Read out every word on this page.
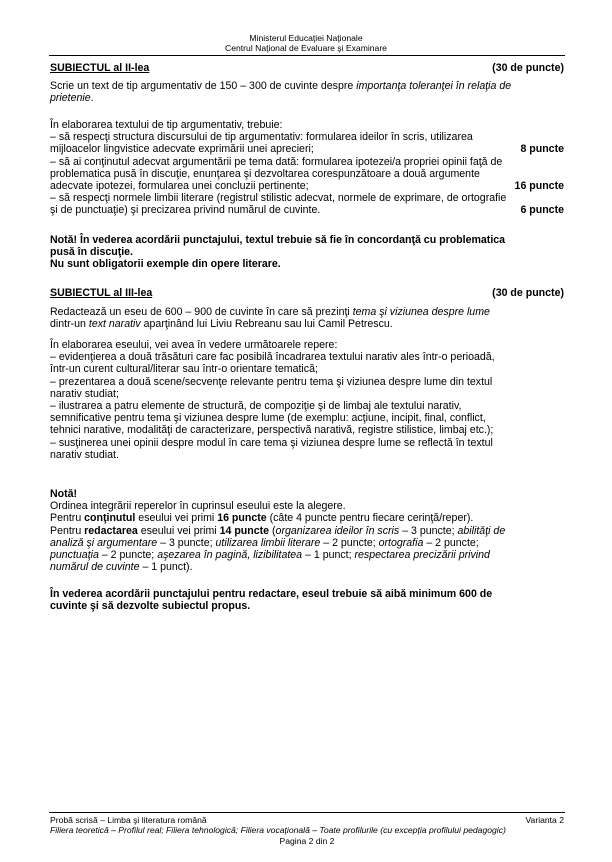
Ministerul Educaţiei Naţionale
Centrul Naţional de Evaluare şi Examinare
SUBIECTUL al II-lea	(30 de puncte)
Scrie un text de tip argumentativ de 150 – 300 de cuvinte despre importanţa toleranţei în relaţia de
prietenie.
În elaborarea textului de tip argumentativ, trebuie:
– să respecţi structura discursului de tip argumentativ: formularea ideilor în scris, utilizarea
mijloacelor lingvistice adecvate exprimării unei aprecieri;	8 puncte
– să ai conţinutul adecvat argumentării pe tema dată: formularea ipotezei/a propriei opinii faţă de
problematica pusă în discuţie, enunţarea şi dezvoltarea corespunzătoare a două argumente
adecvate ipotezei, formularea unei concluzii pertinente;	16 puncte
– să respecţi normele limbii literare (registrul stilistic adecvat, normele de exprimare, de ortografie
şi de punctuaţie) şi precizarea privind numărul de cuvinte.	6 puncte
Notă! În vederea acordării punctajului, textul trebuie să fie în concordanţă cu problematica
pusă în discuţie.
Nu sunt obligatorii exemple din opere literare.
SUBIECTUL al III-lea	(30 de puncte)
Redactează un eseu de 600 – 900 de cuvinte în care să prezinţi tema şi viziunea despre lume
dintr-un text narativ aparţinând lui Liviu Rebreanu sau lui Camil Petrescu.
În elaborarea eseului, vei avea în vedere următoarele repere:
– evidenţierea a două trăsături care fac posibilă încadrarea textului narativ ales într-o perioadă,
într-un curent cultural/literar sau într-o orientare tematică;
– prezentarea a două scene/secvenţe relevante pentru tema şi viziunea despre lume din textul
narativ studiat;
– ilustrarea a patru elemente de structură, de compoziţie şi de limbaj ale textului narativ,
semnificative pentru tema şi viziunea despre lume (de exemplu: acţiune, incipit, final, conflict,
tehnici narative, modalităţi de caracterizare, perspectivă narativă, registre stilistice, limbaj etc.);
– susţinerea unei opinii despre modul în care tema şi viziunea despre lume se reflectă în textul
narativ studiat.
Notă!
Ordinea integrării reperelor în cuprinsul eseului este la alegere.
Pentru conţinutul eseului vei primi 16 puncte (câte 4 puncte pentru fiecare cerinţă/reper).
Pentru redactarea eseului vei primi 14 puncte (organizarea ideilor în scris – 3 puncte; abilităţi de
analiză şi argumentare – 3 puncte; utilizarea limbii literare – 2 puncte; ortografia – 2 puncte;
punctuaţia – 2 puncte; aşezarea în pagină, lizibilitatea – 1 punct; respectarea precizării privind
numărul de cuvinte – 1 punct).
În vederea acordării punctajului pentru redactare, eseul trebuie să aibă minimum 600 de
cuvinte şi să dezvolte subiectul propus.
Probă scrisă – Limba şi literatura română	Varianta 2
Filiera teoretică – Profilul real; Filiera tehnologică; Filiera vocaţională – Toate profilurile (cu excepţia profilului pedagogic)
Pagina 2 din 2
